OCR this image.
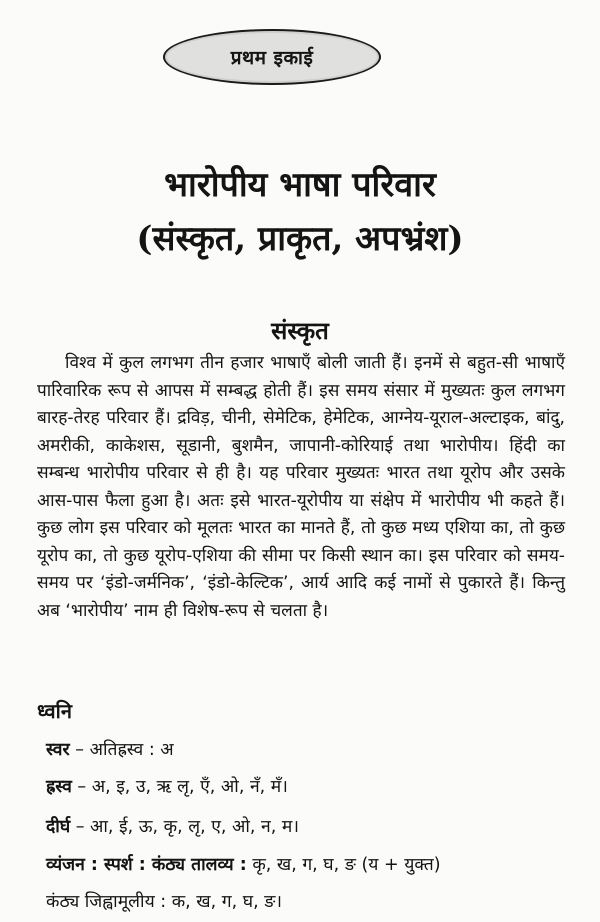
प्रथम इकाई
भारोपीय भाषा परिवार
(संस्कृत, प्राकृत, अपभ्रंश)
संस्कृत

विश्व में कुल लगभग तीन हजार भाषाएँ बोली जाती हैं। इनमें से बहुत-सी भाषाएँ पारिवारिक रूप से आपस में सम्बद्ध होती हैं। इस समय संसार में मुख्यतः कुल लगभग बारह-तेरह परिवार हैं। द्रविड़, चीनी, सेमेटिक, हेमेटिक, आग्नेय-यूराल-अल्टाइक, बांदु, अमरीकी, काकेशस, सूडानी, बुशमैन, जापानी-कोरियाई तथा भारोपीय। हिंदी का सम्बन्ध भारोपीय परिवार से ही है। यह परिवार मुख्यतः भारत तथा यूरोप और उसके आस-पास फैला हुआ है। अतः इसे भारत-यूरोपीय या संक्षेप में भारोपीय भी कहते हैं। कुछ लोग इस परिवार को मूलतः भारत का मानते हैं, तो कुछ मध्य एशिया का, तो कुछ यूरोप का, तो कुछ यूरोप-एशिया की सीमा पर किसी स्थान का। इस परिवार को समय-समय पर ‘इंडो-जर्मनिक’, ‘इंडो-केल्टिक’, आर्य आदि कई नामों से पुकारते हैं। किन्तु अब ‘भारोपीय’ नाम ही विशेष-रूप से चलता है।

ध्वनि

स्वर – अतिह्रस्व : अ

ह्रस्व – अ, इ, उ, ऋ लृ, एँ, ओ, नँ, मँ।

दीर्घ – आ, ई, ऊ, कृ, लृ, ए, ओ, न, म।

व्यंजन : स्पर्श : कंठ्य तालव्य : कृ, ख, ग, घ, ङ (य + युक्त)

कंठ्य जिह्वामूलीय : क, ख, ग, घ, ङ।
